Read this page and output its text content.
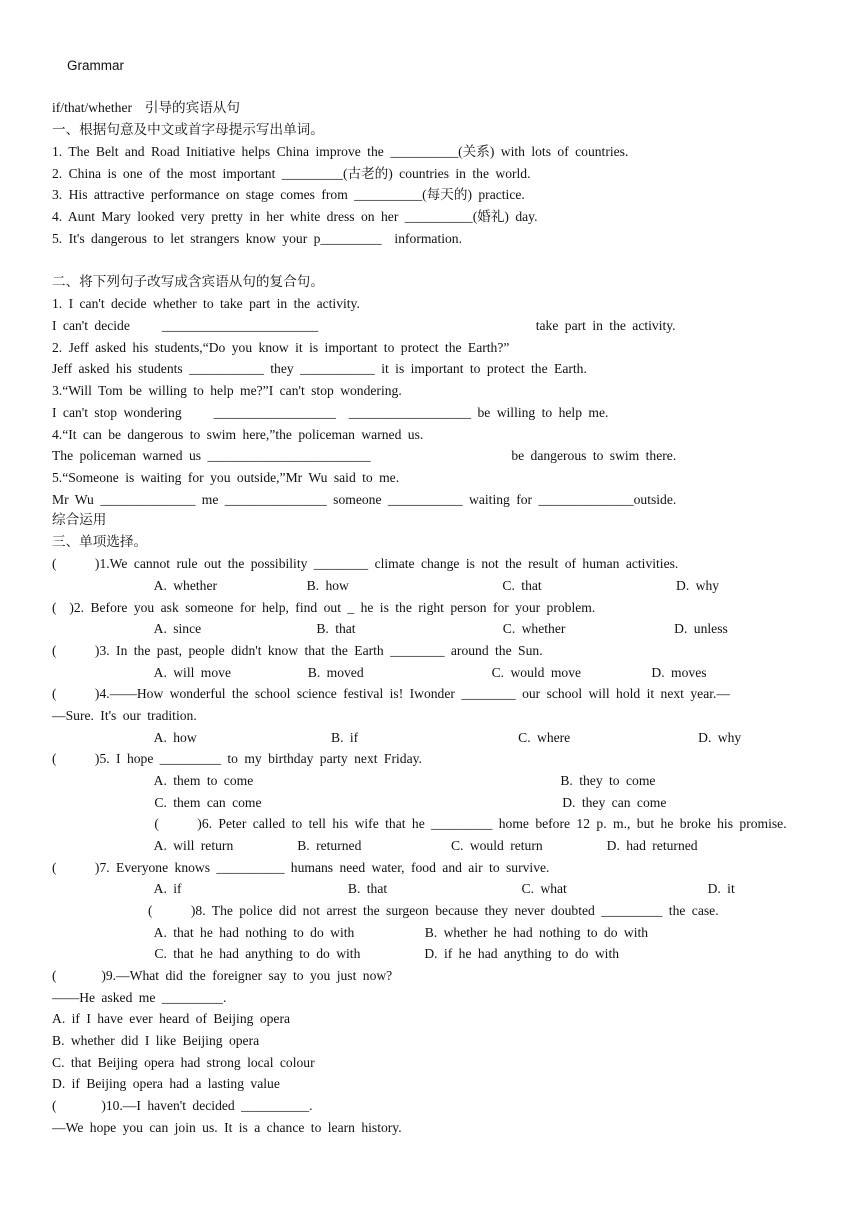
Grammar
if/that/whether  引导的宾语从句
一、根据句意及中文或首字母提示写出单词。
1. The Belt and Road Initiative helps China improve the __________(关系) with lots of countries.
2. China is one of the most important _________(古老的) countries in the world.
3. His attractive performance on stage comes from __________(每天的) practice.
4. Aunt Mary looked very pretty in her white dress on her __________(婚礼) day.
5. It's dangerous to let strangers know your p_________  information.
二、将下列句子改写成含宾语从句的复合句。
1. I can't decide whether to take part in the activity.
I can't decide     _______________________                                  take part in the activity.
2. Jeff asked his students,“Do you know it is important to protect the Earth?”
Jeff asked his students ___________ they ___________ it is important to protect the Earth.
3.“Will Tom be willing to help me?”I can't stop wondering.
I can't stop wondering     __________________  __________________ be willing to help me.
4.“It can be dangerous to swim here,”the policeman warned us.
The policeman warned us ________________________                      be dangerous to swim there.
5.“Someone is waiting for you outside,”Mr Wu said to me.
Mr Wu ______________ me _______________ someone ___________ waiting for ______________outside.
综合运用
三、单项选择。
(      )1.We cannot rule out the possibility ________ climate change is not the result of human activities.
A. whether              B. how                        C. that                     D. why
(  )2. Before you ask someone for help, find out _ he is the right person for your problem.
A. since                  B. that                       C. whether                 D. unless
(      )3. In the past, people didn't know that the Earth ________ around the Sun.
A. will move            B. moved                    C. would move           D. moves
(      )4.——How wonderful the school science festival is! Iwonder ________ our school will hold it next year.—
—Sure. It's our tradition.
A. how                     B. if                         C. where                    D. why
(      )5. I hope _________ to my birthday party next Friday.
A. them to come                                                B. they to come
C. them can come                                               D. they can come
(      )6. Peter called to tell his wife that he _________ home before 12 p. m., but he broke his promise.
A. will return          B. returned              C. would return          D. had returned
(      )7. Everyone knows __________ humans need water, food and air to survive.
A. if                          B. that                     C. what                      D. it
(      )8. The police did not arrest the surgeon because they never doubted _________ the case.
A. that he had nothing to do with           B. whether he had nothing to do with
C. that he had anything to do with          D. if he had anything to do with
(       )9.—What did the foreigner say to you just now?
——He asked me _________.
A. if I have ever heard of Beijing opera
B. whether did I like Beijing opera
C. that Beijing opera had strong local colour
D. if Beijing opera had a lasting value
(       )10.—I haven't decided __________.
—We hope you can join us. It is a chance to learn history.
